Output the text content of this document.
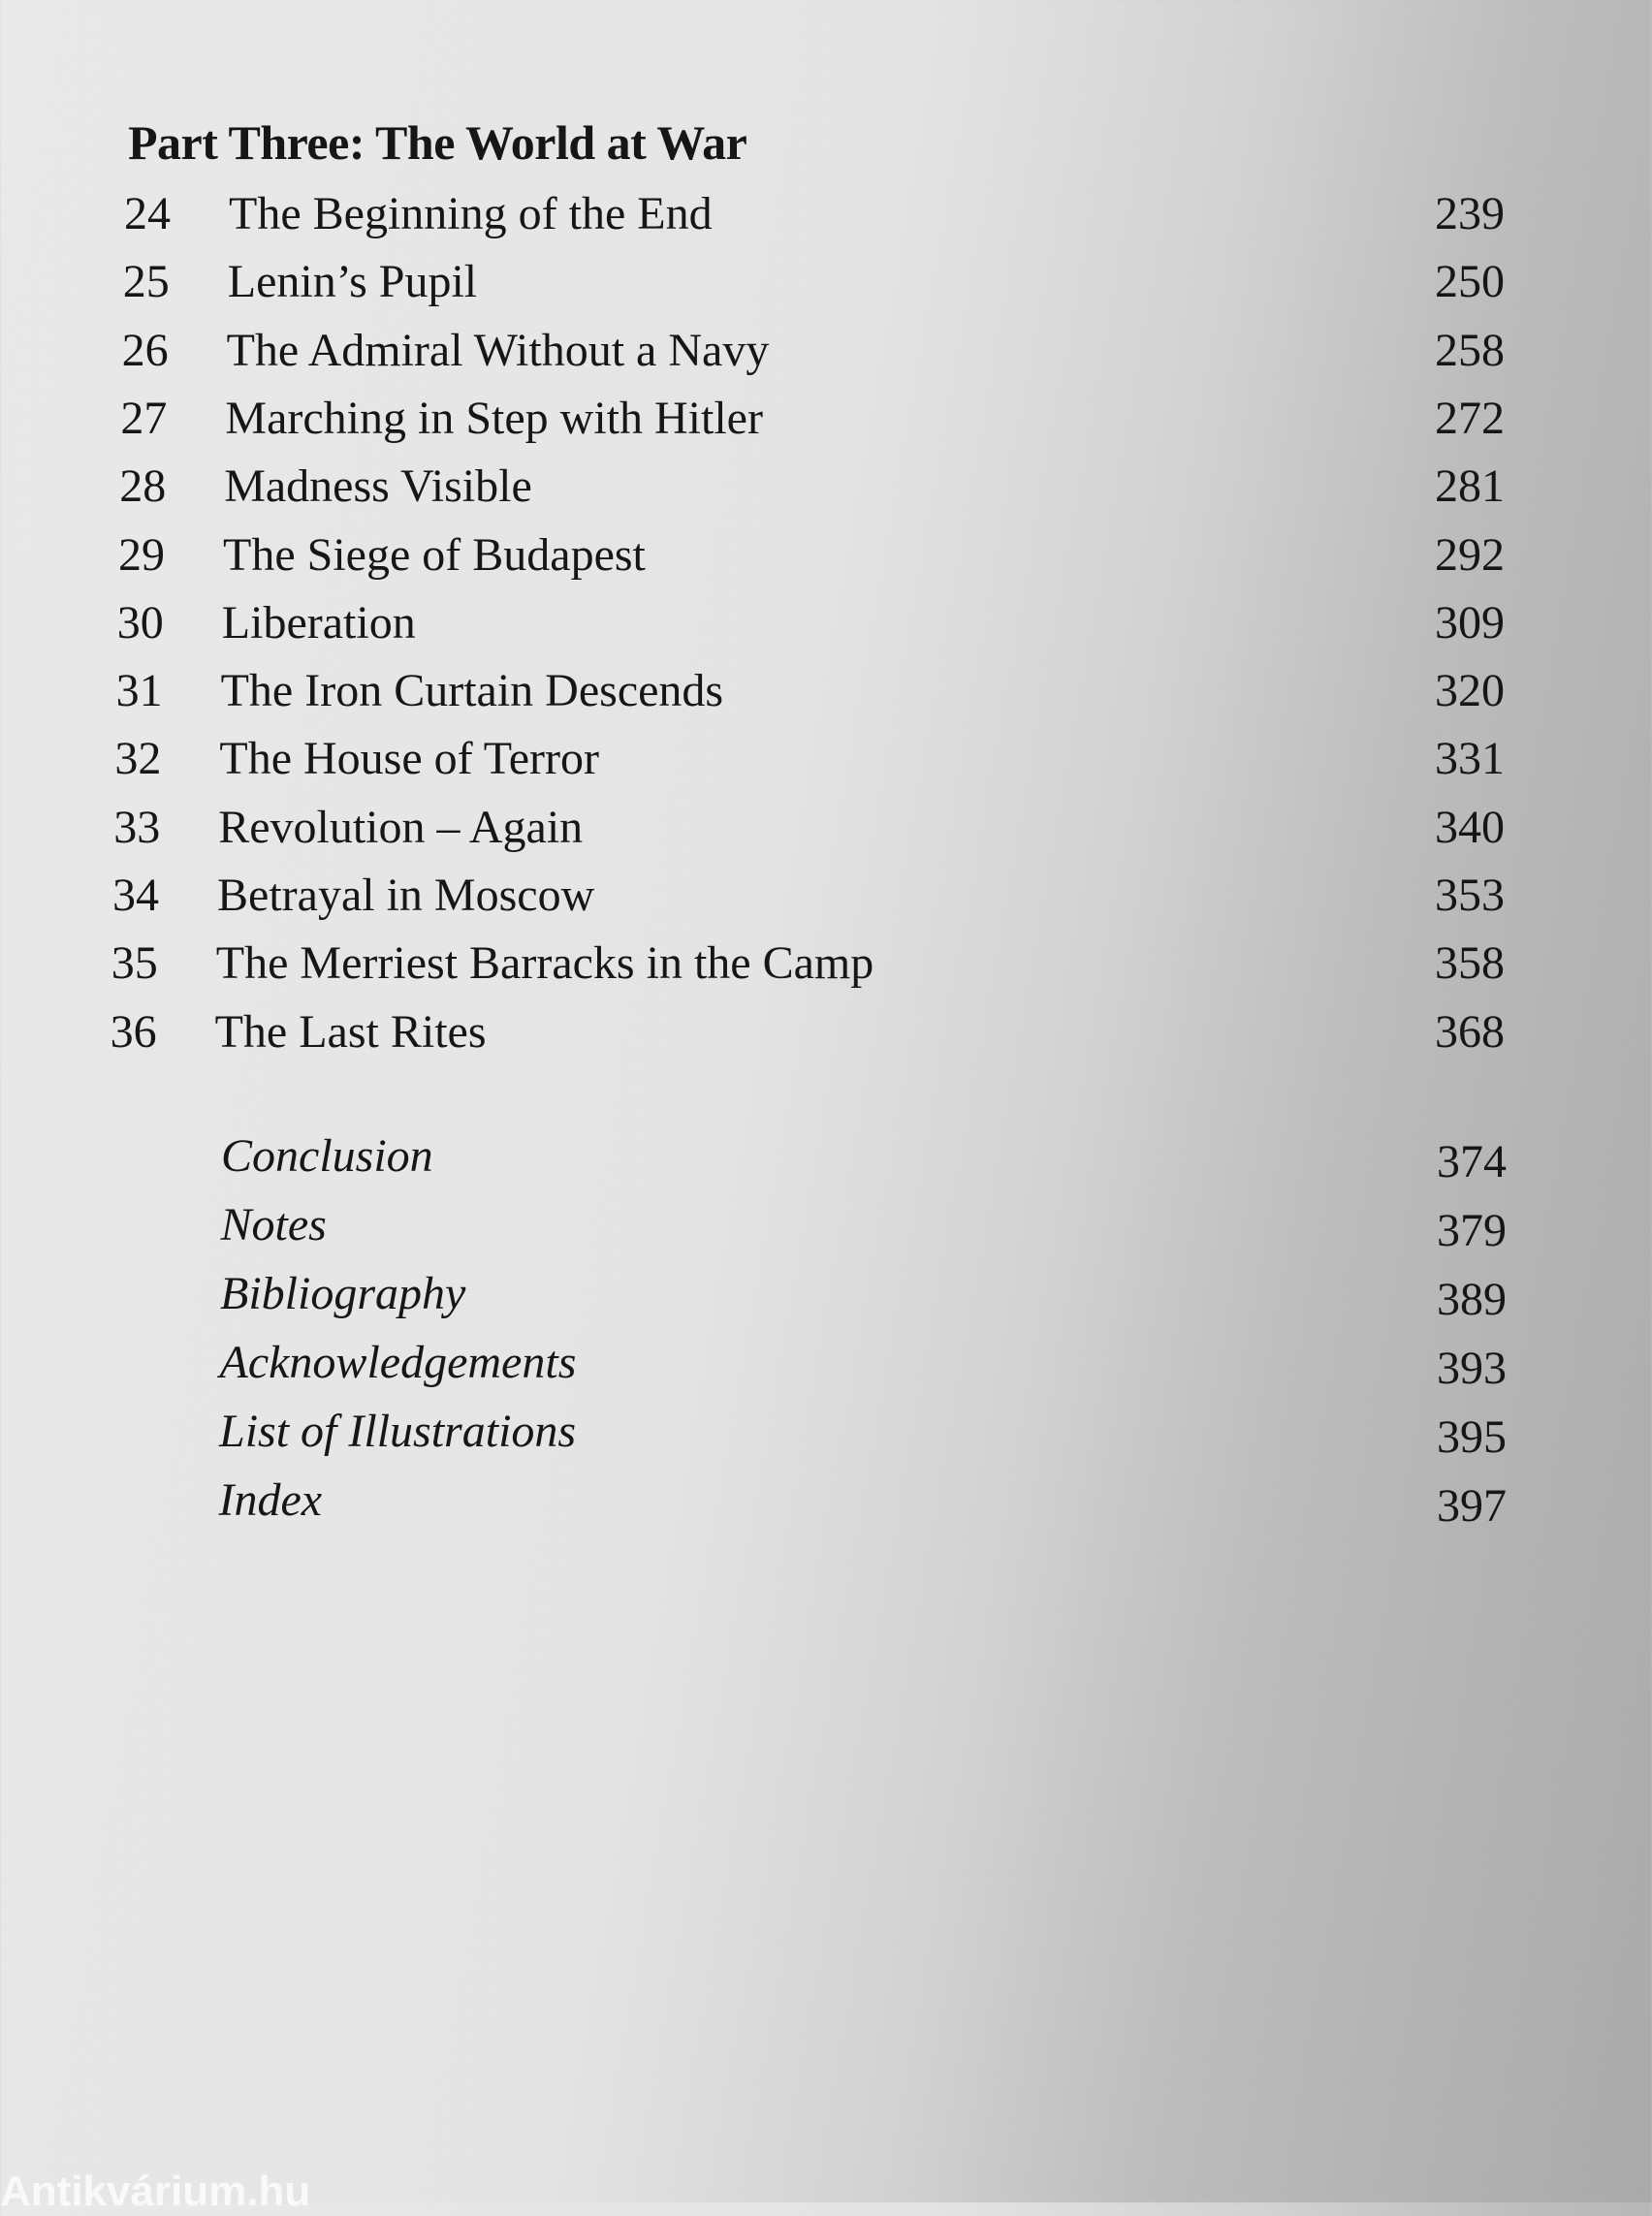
Part Three: The World at War
24 The Beginning of the End	239
25 Lenin’s Pupil	250
26 The Admiral Without a Navy	258
27 Marching in Step with Hitler	272
28 Madness Visible	281
29 The Siege of Budapest	292
30 Liberation	309
31 The Iron Curtain Descends	320
32 The House of Terror	331
33 Revolution – Again	340
34 Betrayal in Moscow	353
35 The Merriest Barracks in the Camp	358
36 The Last Rites	368
Conclusion	374
Notes	379
Bibliography	389
Acknowledgements	393
List of Illustrations	395
Index	397
Antikvárium.hu
